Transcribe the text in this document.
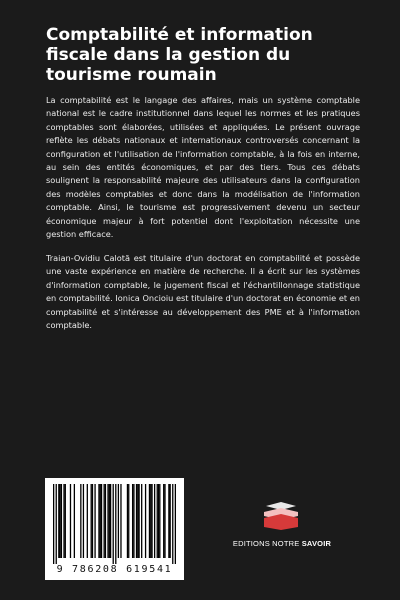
Comptabilité et information fiscale dans la gestion du tourisme roumain

La comptabilité est le langage des affaires, mais un système comptable national est le cadre institutionnel dans lequel les normes et les pratiques comptables sont élaborées, utilisées et appliquées. Le présent ouvrage reflète les débats nationaux et internationaux controversés concernant la configuration et l'utilisation de l'information comptable, à la fois en interne, au sein des entités économiques, et par des tiers. Tous ces débats soulignent la responsabilité majeure des utilisateurs dans la configuration des modèles comptables et donc dans la modélisation de l'information comptable. Ainsi, le tourisme est progressivement devenu un secteur économique majeur à fort potentiel dont l'exploitation nécessite une gestion efficace.

Traian-Ovidiu Calotă est titulaire d'un doctorat en comptabilité et possède une vaste expérience en matière de recherche. Il a écrit sur les systèmes d'information comptable, le jugement fiscal et l'échantillonnage statistique en comptabilité. Ionica Oncioiu est titulaire d'un doctorat en économie et en comptabilité et s'intéresse au développement des PME et à l'information comptable.

9 786208 619541
EDITIONS NOTRE SAVOIR
